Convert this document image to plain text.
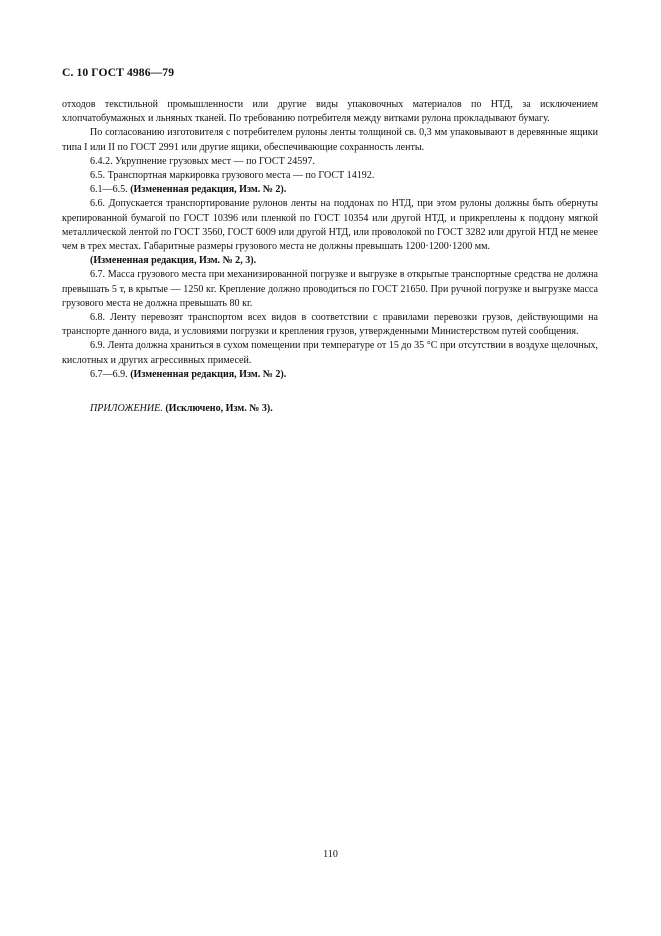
С. 10 ГОСТ 4986—79

отходов текстильной промышленности или другие виды упаковочных материалов по НТД, за исключением хлопчатобумажных и льняных тканей. По требованию потребителя между витками рулона прокладывают бумагу.

По согласованию изготовителя с потребителем рулоны ленты толщиной св. 0,3 мм упаковывают в деревянные ящики типа I или II по ГОСТ 2991 или другие ящики, обеспечивающие сохранность ленты.

6.4.2. Укрупнение грузовых мест — по ГОСТ 24597.

6.5. Транспортная маркировка грузового места — по ГОСТ 14192.

6.1—6.5. (Измененная редакция, Изм. № 2).

6.6. Допускается транспортирование рулонов ленты на поддонах по НТД, при этом рулоны должны быть обернуты крепированной бумагой по ГОСТ 10396 или пленкой по ГОСТ 10354 или другой НТД, и прикреплены к поддону мягкой металлической лентой по ГОСТ 3560, ГОСТ 6009 или другой НТД, или проволокой по ГОСТ 3282 или другой НТД не менее чем в трех местах. Габаритные размеры грузового места не должны превышать 1200·1200·1200 мм.

(Измененная редакция, Изм. № 2, 3).

6.7. Масса грузового места при механизированной погрузке и выгрузке в открытые транспортные средства не должна превышать 5 т, в крытые — 1250 кг. Крепление должно проводиться по ГОСТ 21650. При ручной погрузке и выгрузке масса грузового места не должна превышать 80 кг.

6.8. Ленту перевозят транспортом всех видов в соответствии с правилами перевозки грузов, действующими на транспорте данного вида, и условиями погрузки и крепления грузов, утвержденными Министерством путей сообщения.

6.9. Лента должна храниться в сухом помещении при температуре от 15 до 35 °С при отсутствии в воздухе щелочных, кислотных и других агрессивных примесей.

6.7—6.9. (Измененная редакция, Изм. № 2).

ПРИЛОЖЕНИЕ. (Исключено, Изм. № 3).

110
